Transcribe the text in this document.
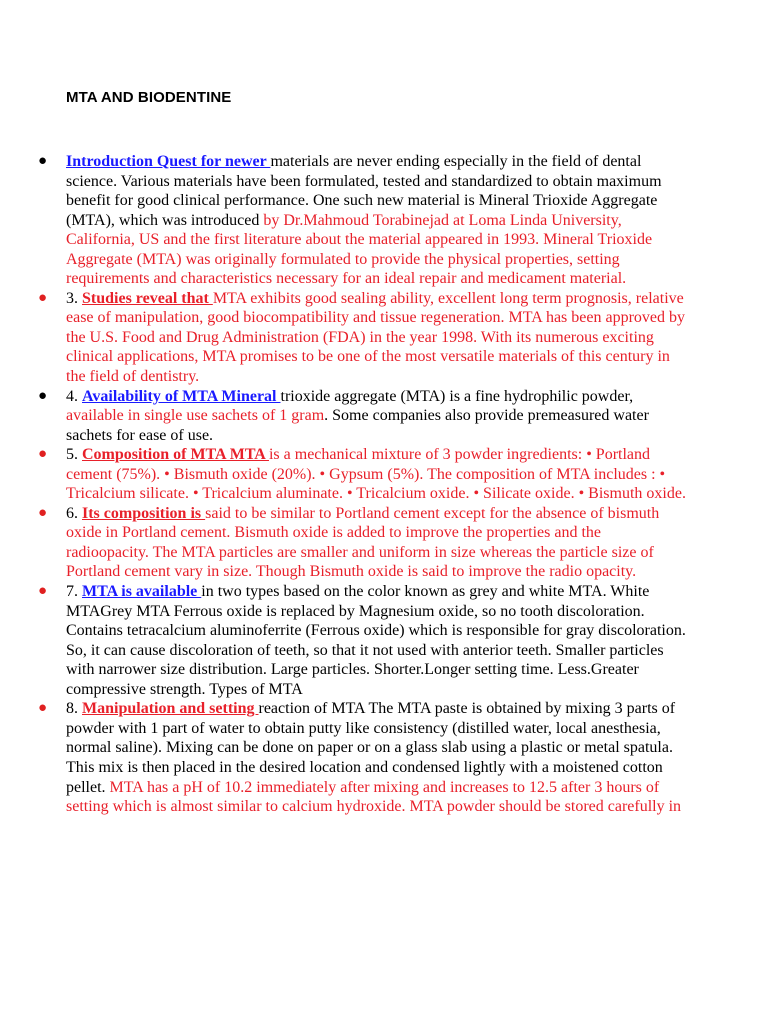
MTA AND BIODENTINE
● Introduction Quest for newer materials are never ending especially in the field of dental science. Various materials have been formulated, tested and standardized to obtain maximum benefit for good clinical performance. One such new material is Mineral Trioxide Aggregate (MTA), which was introduced by Dr.Mahmoud Torabinejad at Loma Linda University, California, US and the first literature about the material appeared in 1993. Mineral Trioxide Aggregate (MTA) was originally formulated to provide the physical properties, setting requirements and characteristics necessary for an ideal repair and medicament material.
● 3. Studies reveal that MTA exhibits good sealing ability, excellent long term prognosis, relative ease of manipulation, good biocompatibility and tissue regeneration. MTA has been approved by the U.S. Food and Drug Administration (FDA) in the year 1998. With its numerous exciting clinical applications, MTA promises to be one of the most versatile materials of this century in the field of dentistry.
● 4. Availability of MTA Mineral trioxide aggregate (MTA) is a fine hydrophilic powder, available in single use sachets of 1 gram. Some companies also provide premeasured water sachets for ease of use.
● 5. Composition of MTA MTA is a mechanical mixture of 3 powder ingredients: • Portland cement (75%). • Bismuth oxide (20%). • Gypsum (5%). The composition of MTA includes : • Tricalcium silicate. • Tricalcium aluminate. • Tricalcium oxide. • Silicate oxide. • Bismuth oxide.
● 6. Its composition is said to be similar to Portland cement except for the absence of bismuth oxide in Portland cement. Bismuth oxide is added to improve the properties and the radioopacity. The MTA particles are smaller and uniform in size whereas the particle size of Portland cement vary in size. Though Bismuth oxide is said to improve the radio opacity.
● 7. MTA is available in two types based on the color known as grey and white MTA. White MTAGrey MTA Ferrous oxide is replaced by Magnesium oxide, so no tooth discoloration. Contains tetracalcium aluminoferrite (Ferrous oxide) which is responsible for gray discoloration. So, it can cause discoloration of teeth, so that it not used with anterior teeth. Smaller particles with narrower size distribution. Large particles. Shorter.Longer setting time. Less.Greater compressive strength. Types of MTA
● 8. Manipulation and setting reaction of MTA The MTA paste is obtained by mixing 3 parts of powder with 1 part of water to obtain putty like consistency (distilled water, local anesthesia, normal saline). Mixing can be done on paper or on a glass slab using a plastic or metal spatula. This mix is then placed in the desired location and condensed lightly with a moistened cotton pellet. MTA has a pH of 10.2 immediately after mixing and increases to 12.5 after 3 hours of setting which is almost similar to calcium hydroxide. MTA powder should be stored carefully in
